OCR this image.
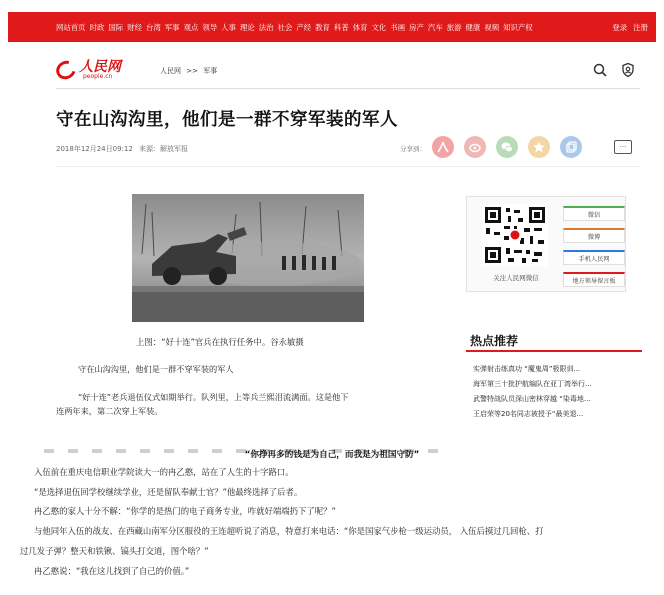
网站首页 时政 国际 财经 台湾 军事 观点 领导 人事 理论 法治 社会 产经 教育 科普 体育 文化 书画 房产 汽车 旅游 健康 视频 知识产权	登录 注册
人民网
people.cn
人民网 >> 军事
守在山沟沟里，他们是一群不穿军装的军人
2018年12月24日09:12 来源：解放军报	分享到：	···
上图：“好十连”官兵在执行任务中。谷永敏摄
守在山沟沟里，他们是一群不穿军装的军人
“好十连”老兵退伍仪式如期举行。队列里，上等兵兰熙泪流满面。这是他下
连两年来，第二次穿上军装。
关注人民网微信
微信
微博
手机人民网
地方领导留言板
热点推荐
实弹射击练真功 “魔鬼周”极限训...
海军第三十批护航编队在亚丁湾举行...
武警特战队员深山密林穿越 “染毒地...
王启荣等20名同志被授予“最美退...
“你挣再多的钱是为自己，而我是为祖国守防”
入伍前在重庆电信职业学院读大一的冉乙憨，站在了人生的十字路口。
“是选择退伍回学校继续学业，还是留队奉献士官？”他最终选择了后者。
冉乙憨的家人十分不解：“你学的是热门的电子商务专业，咋就好端端扔下了呢？”
与他同年入伍的战友、在西藏山南军分区服役的王连超听说了消息，特意打来电话：“你是国家气步枪一级运动员， 入伍后摸过几回枪、打
过几发子弹？整天和铁锹、镐头打交道，图个啥？”
冉乙憨说：“我在这儿找到了自己的价值。”
